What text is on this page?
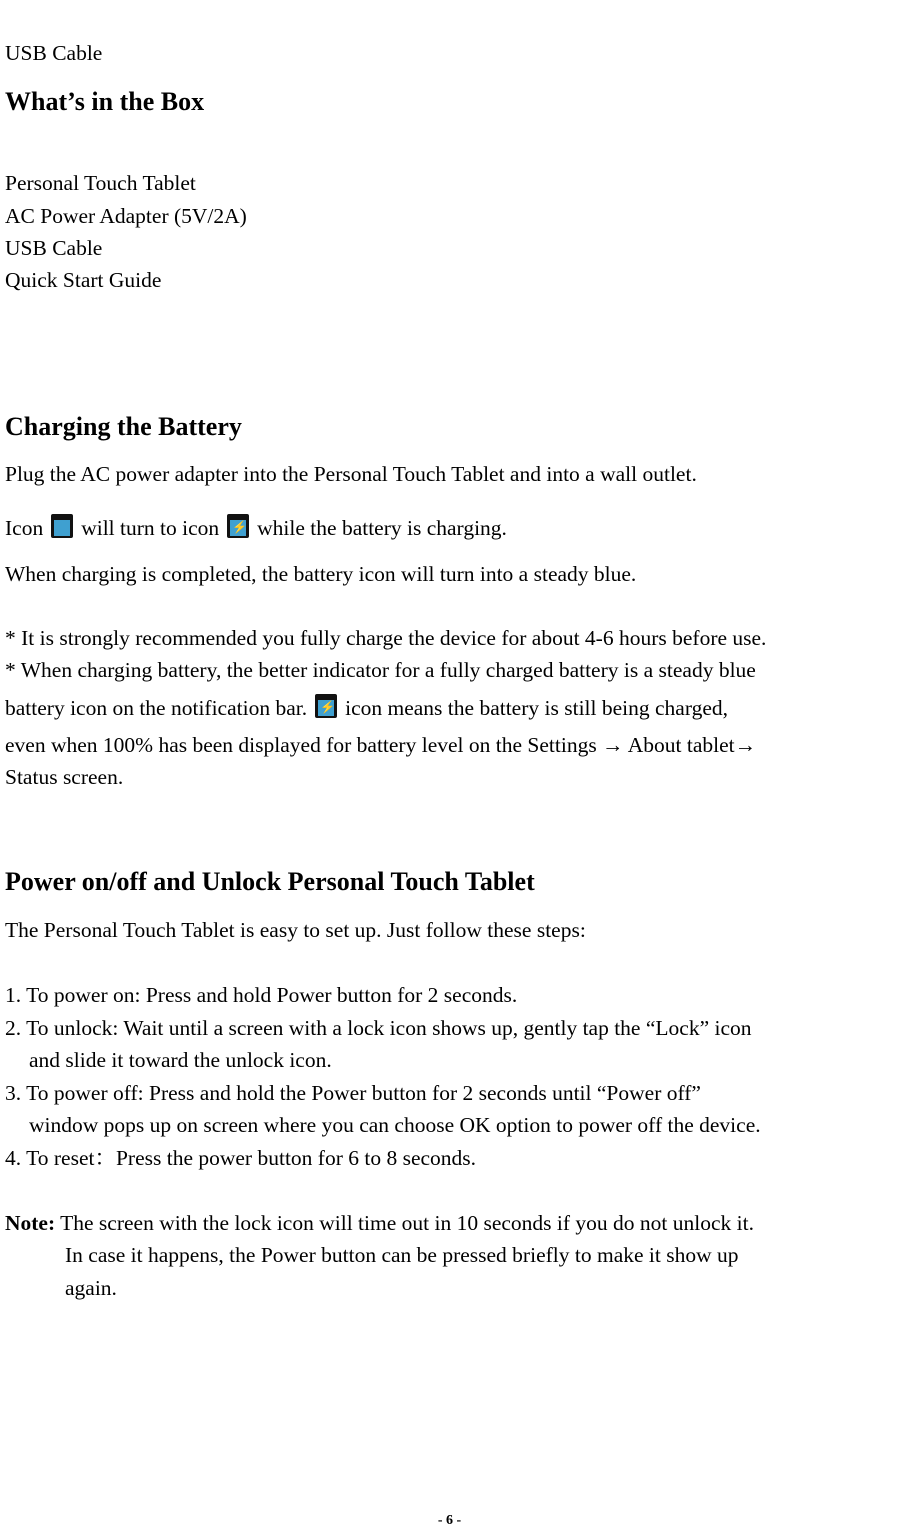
USB Cable
What’s in the Box
Personal Touch Tablet
AC Power Adapter (5V/2A)
USB Cable
Quick Start Guide
Charging the Battery
Plug the AC power adapter into the Personal Touch Tablet and into a wall outlet.
Icon will turn to icon ⚡ while the battery is charging.
When charging is completed, the battery icon will turn into a steady blue.
* It is strongly recommended you fully charge the device for about 4-6 hours before use.
* When charging battery, the better indicator for a fully charged battery is a steady blue
battery icon on the notification bar. ⚡ icon means the battery is still being charged,
even when 100% has been displayed for battery level on the Settings → About tablet→
Status screen.
Power on/off and Unlock Personal Touch Tablet
The Personal Touch Tablet is easy to set up. Just follow these steps:
1. To power on: Press and hold Power button for 2 seconds.
2. To unlock: Wait until a screen with a lock icon shows up, gently tap the “Lock” icon
and slide it toward the unlock icon.
3. To power off: Press and hold the Power button for 2 seconds until “Power off”
window pops up on screen where you can choose OK option to power off the device.
4. To reset：Press the power button for 6 to 8 seconds.
Note: The screen with the lock icon will time out in 10 seconds if you do not unlock it.
In case it happens, the Power button can be pressed briefly to make it show up
again.
- 6 -
